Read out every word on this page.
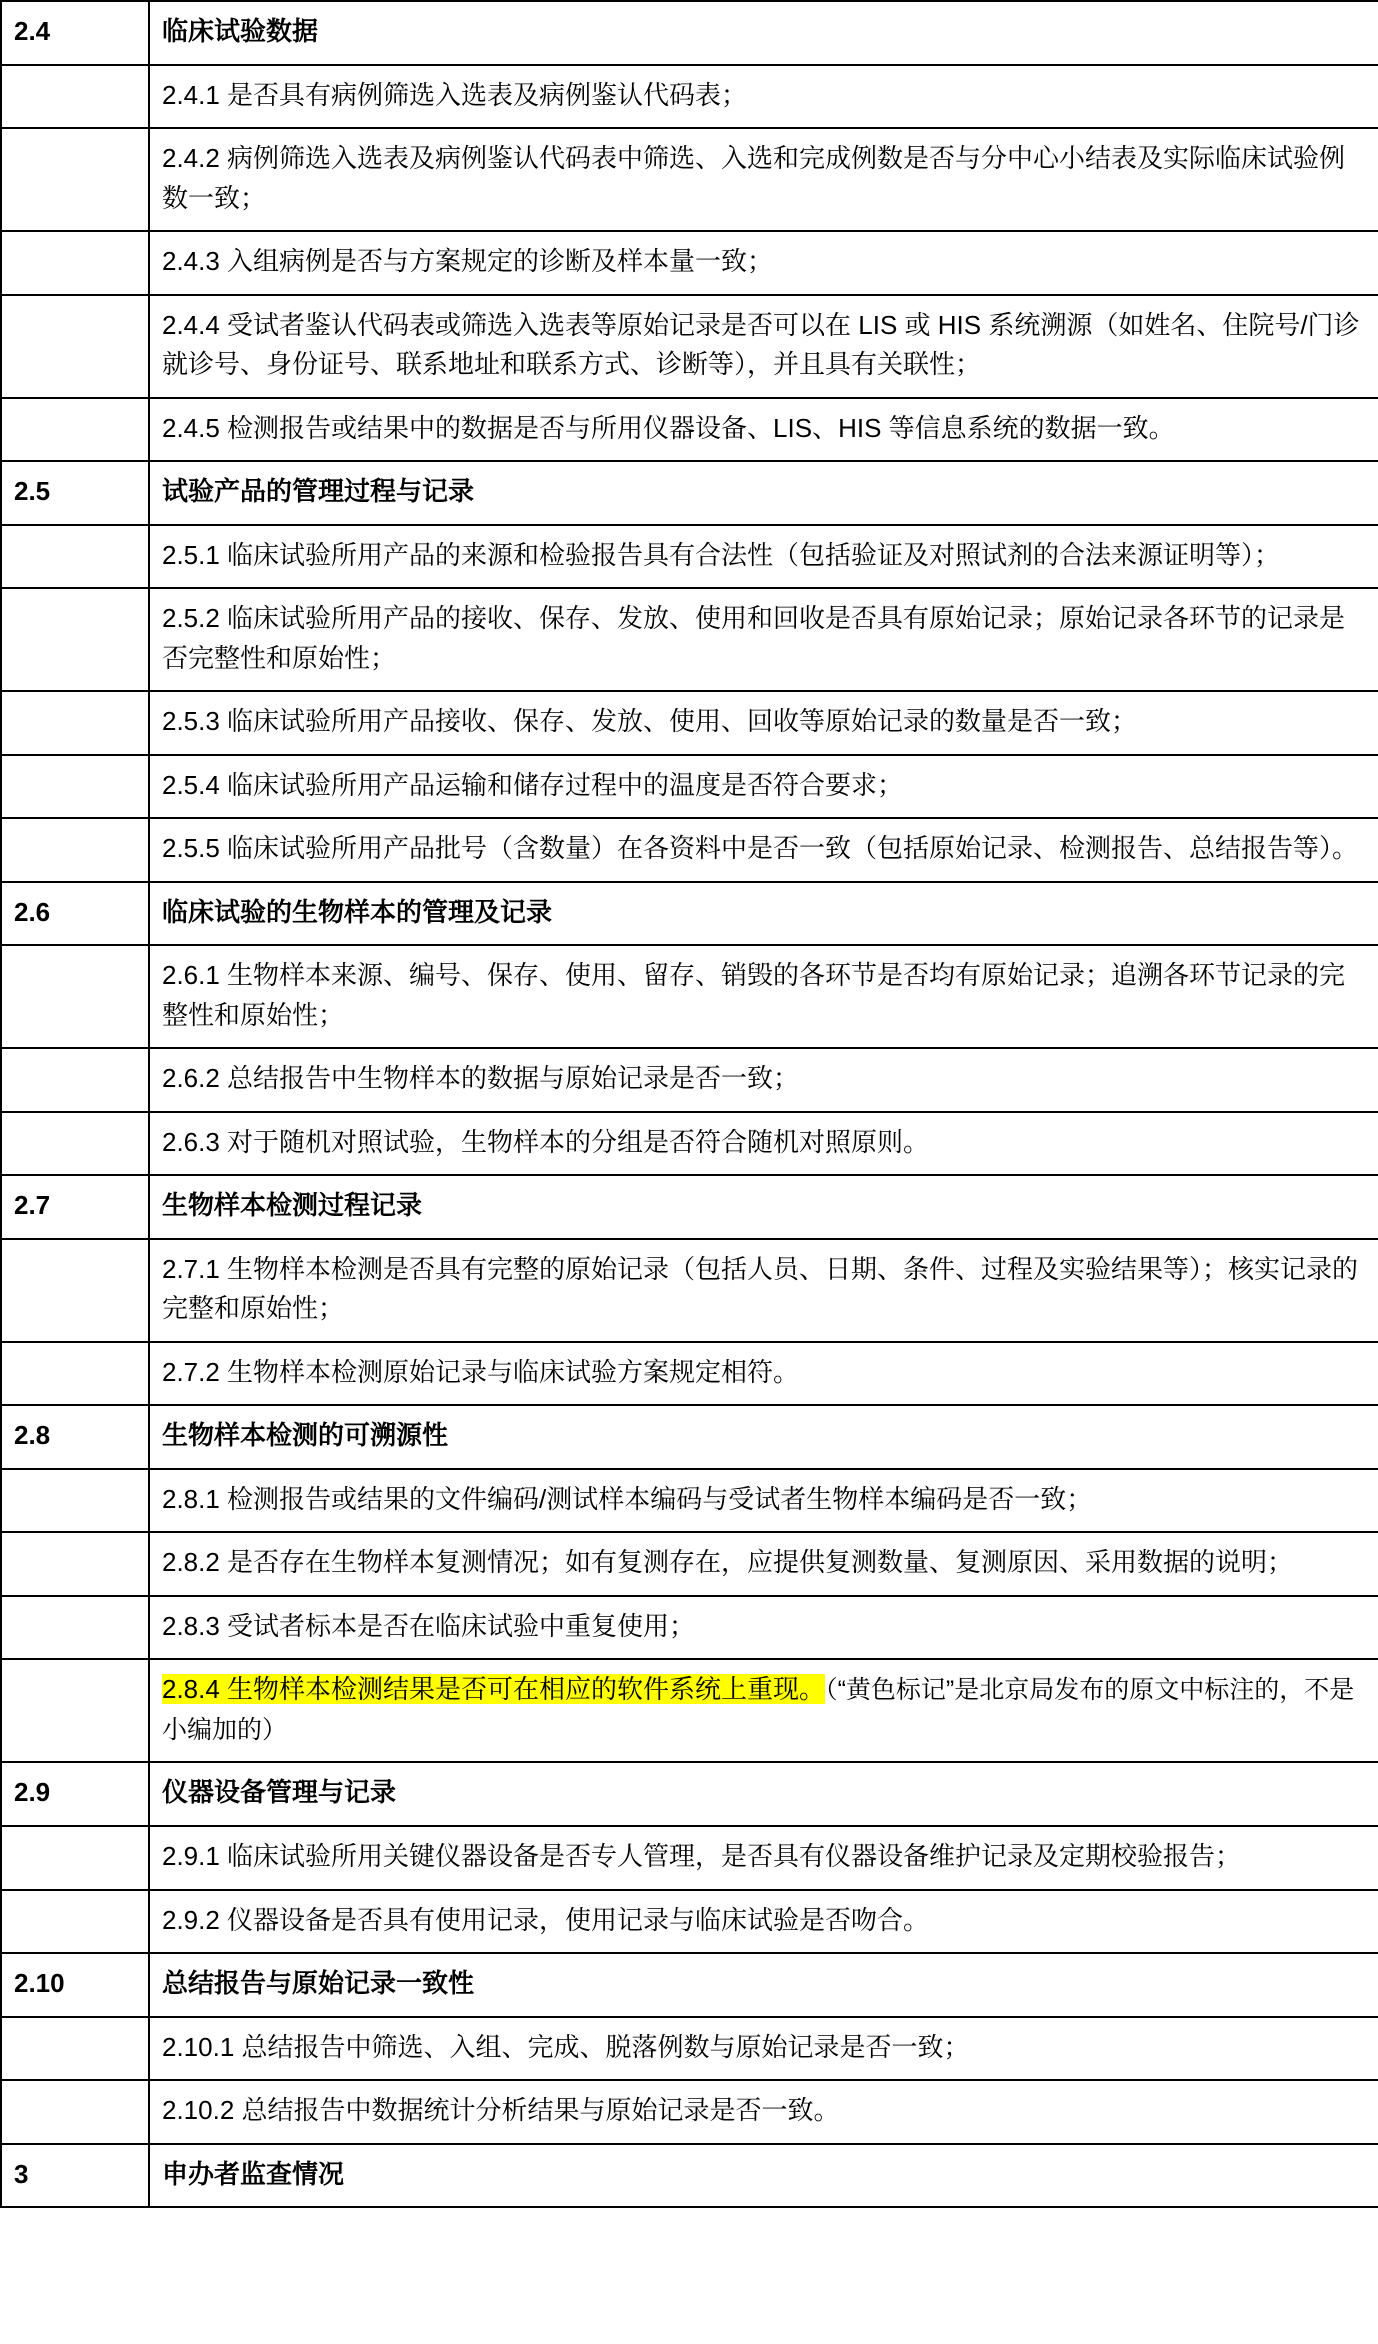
2.4	临床试验数据
	2.4.1 是否具有病例筛选入选表及病例鉴认代码表；
	2.4.2 病例筛选入选表及病例鉴认代码表中筛选、入选和完成例数是否与分中心小结表及实际临床试验例数一致；
	2.4.3 入组病例是否与方案规定的诊断及样本量一致；
	2.4.4 受试者鉴认代码表或筛选入选表等原始记录是否可以在 LIS 或 HIS 系统溯源（如姓名、住院号/门诊就诊号、身份证号、联系地址和联系方式、诊断等），并且具有关联性；
	2.4.5 检测报告或结果中的数据是否与所用仪器设备、LIS、HIS 等信息系统的数据一致。
2.5	试验产品的管理过程与记录
	2.5.1 临床试验所用产品的来源和检验报告具有合法性（包括验证及对照试剂的合法来源证明等）；
	2.5.2 临床试验所用产品的接收、保存、发放、使用和回收是否具有原始记录；原始记录各环节的记录是否完整性和原始性；
	2.5.3 临床试验所用产品接收、保存、发放、使用、回收等原始记录的数量是否一致；
	2.5.4 临床试验所用产品运输和储存过程中的温度是否符合要求；
	2.5.5 临床试验所用产品批号（含数量）在各资料中是否一致（包括原始记录、检测报告、总结报告等）。
2.6	临床试验的生物样本的管理及记录
	2.6.1 生物样本来源、编号、保存、使用、留存、销毁的各环节是否均有原始记录；追溯各环节记录的完整性和原始性；
	2.6.2 总结报告中生物样本的数据与原始记录是否一致；
	2.6.3 对于随机对照试验，生物样本的分组是否符合随机对照原则。
2.7	生物样本检测过程记录
	2.7.1 生物样本检测是否具有完整的原始记录（包括人员、日期、条件、过程及实验结果等）；核实记录的完整和原始性；
	2.7.2 生物样本检测原始记录与临床试验方案规定相符。
2.8	生物样本检测的可溯源性
	2.8.1 检测报告或结果的文件编码/测试样本编码与受试者生物样本编码是否一致；
	2.8.2 是否存在生物样本复测情况；如有复测存在，应提供复测数量、复测原因、采用数据的说明；
	2.8.3 受试者标本是否在临床试验中重复使用；
	2.8.4 生物样本检测结果是否可在相应的软件系统上重现。（“黄色标记”是北京局发布的原文中标注的，不是小编加的）
2.9	仪器设备管理与记录
	2.9.1 临床试验所用关键仪器设备是否专人管理，是否具有仪器设备维护记录及定期校验报告；
	2.9.2 仪器设备是否具有使用记录，使用记录与临床试验是否吻合。
2.10	总结报告与原始记录一致性
	2.10.1 总结报告中筛选、入组、完成、脱落例数与原始记录是否一致；
	2.10.2 总结报告中数据统计分析结果与原始记录是否一致。
3	申办者监查情况
